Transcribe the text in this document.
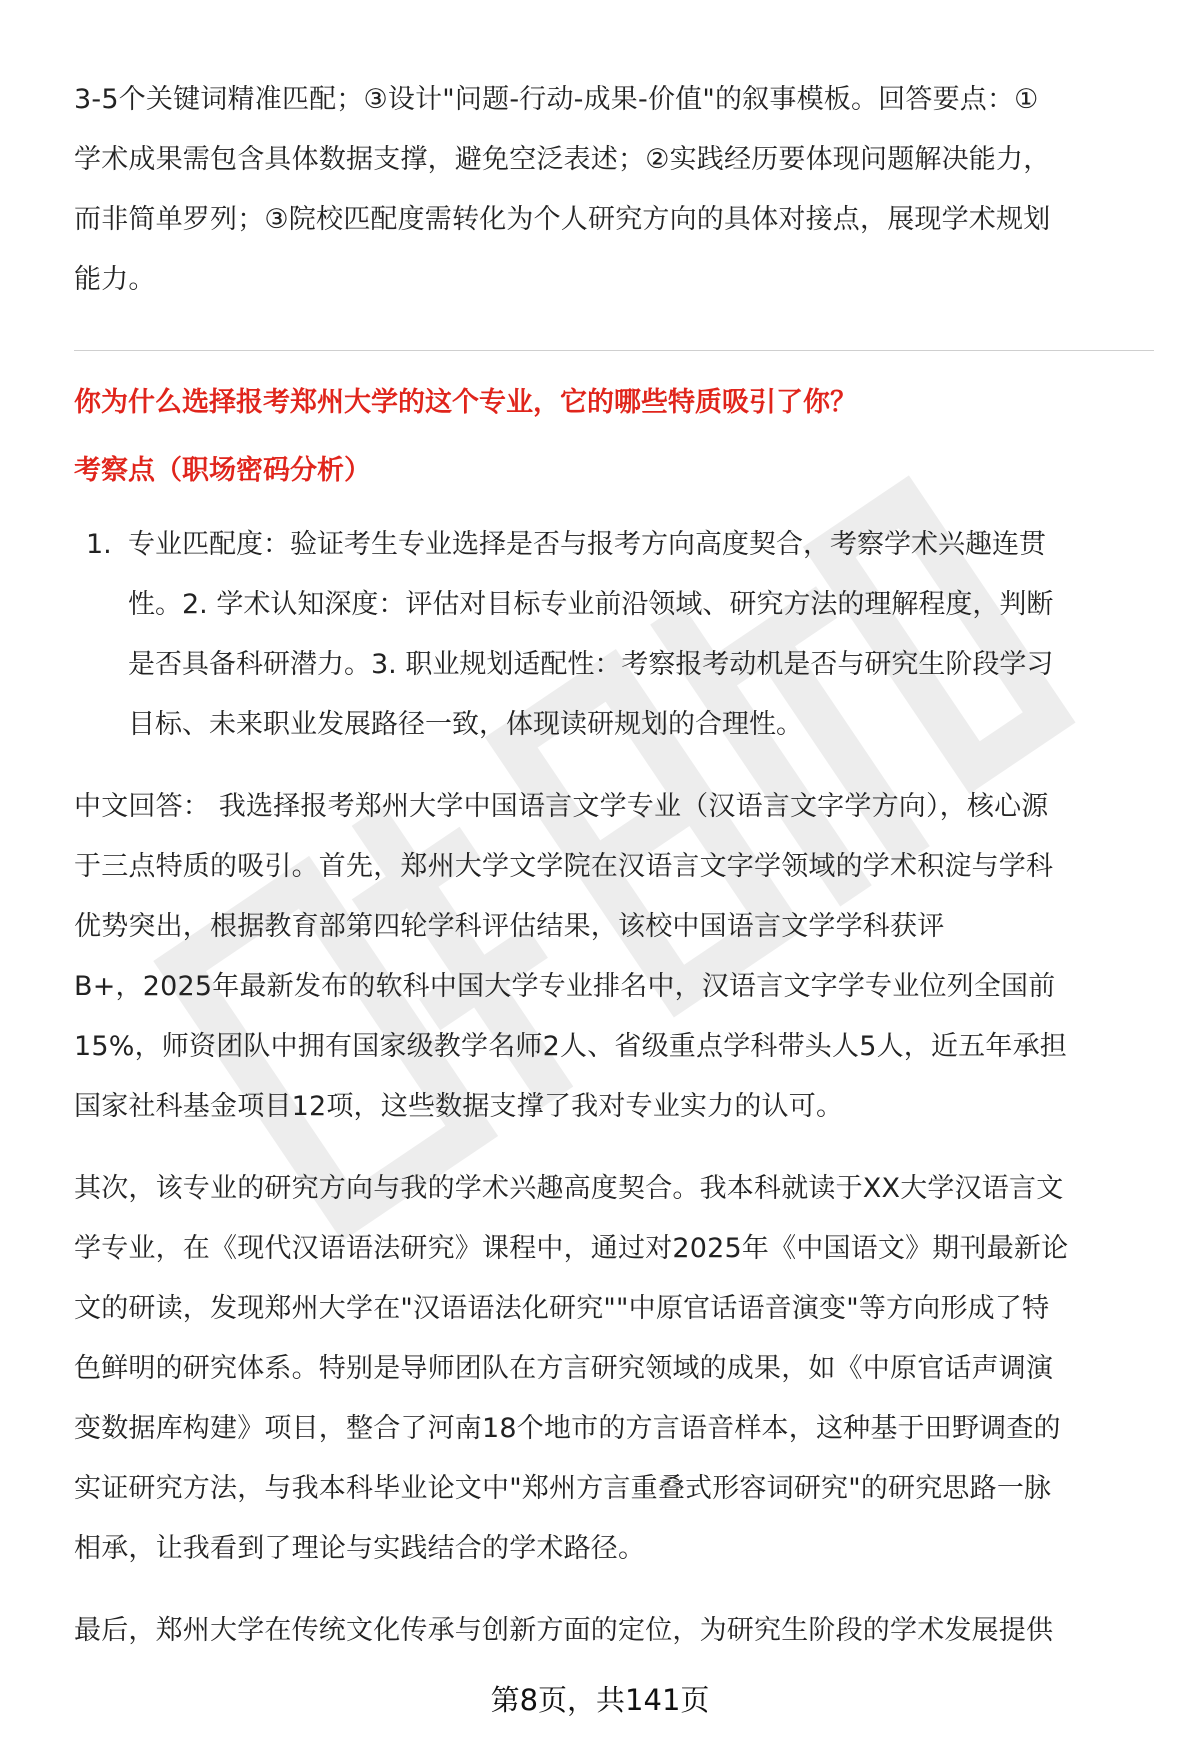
3-5个关键词精准匹配；③设计"问题-行动-成果-价值"的叙事模板。回答要点：①

学术成果需包含具体数据支撑，避免空泛表述；②实践经历要体现问题解决能力，

而非简单罗列；③院校匹配度需转化为个人研究方向的具体对接点，展现学术规划

能力。

你为什么选择报考郑州大学的这个专业，它的哪些特质吸引了你？

考察点（职场密码分析）

1. 专业匹配度：验证考生专业选择是否与报考方向高度契合，考察学术兴趣连贯
性。2. 学术认知深度：评估对目标专业前沿领域、研究方法的理解程度，判断
是否具备科研潜力。3. 职业规划适配性：考察报考动机是否与研究生阶段学习
目标、未来职业发展路径一致，体现读研规划的合理性。

中文回答： 我选择报考郑州大学中国语言文学专业（汉语言文字学方向），核心源

于三点特质的吸引。首先，郑州大学文学院在汉语言文字学领域的学术积淀与学科

优势突出，根据教育部第四轮学科评估结果，该校中国语言文学学科获评

B+，2025年最新发布的软科中国大学专业排名中，汉语言文字学专业位列全国前

15%，师资团队中拥有国家级教学名师2人、省级重点学科带头人5人，近五年承担

国家社科基金项目12项，这些数据支撑了我对专业实力的认可。

其次，该专业的研究方向与我的学术兴趣高度契合。我本科就读于XX大学汉语言文

学专业，在《现代汉语语法研究》课程中，通过对2025年《中国语文》期刊最新论

文的研读，发现郑州大学在"汉语语法化研究""中原官话语音演变"等方向形成了特

色鲜明的研究体系。特别是导师团队在方言研究领域的成果，如《中原官话声调演

变数据库构建》项目，整合了河南18个地市的方言语音样本，这种基于田野调查的

实证研究方法，与我本科毕业论文中"郑州方言重叠式形容词研究"的研究思路一脉

相承，让我看到了理论与实践结合的学术路径。

最后，郑州大学在传统文化传承与创新方面的定位，为研究生阶段的学术发展提供

第8页，共141页
